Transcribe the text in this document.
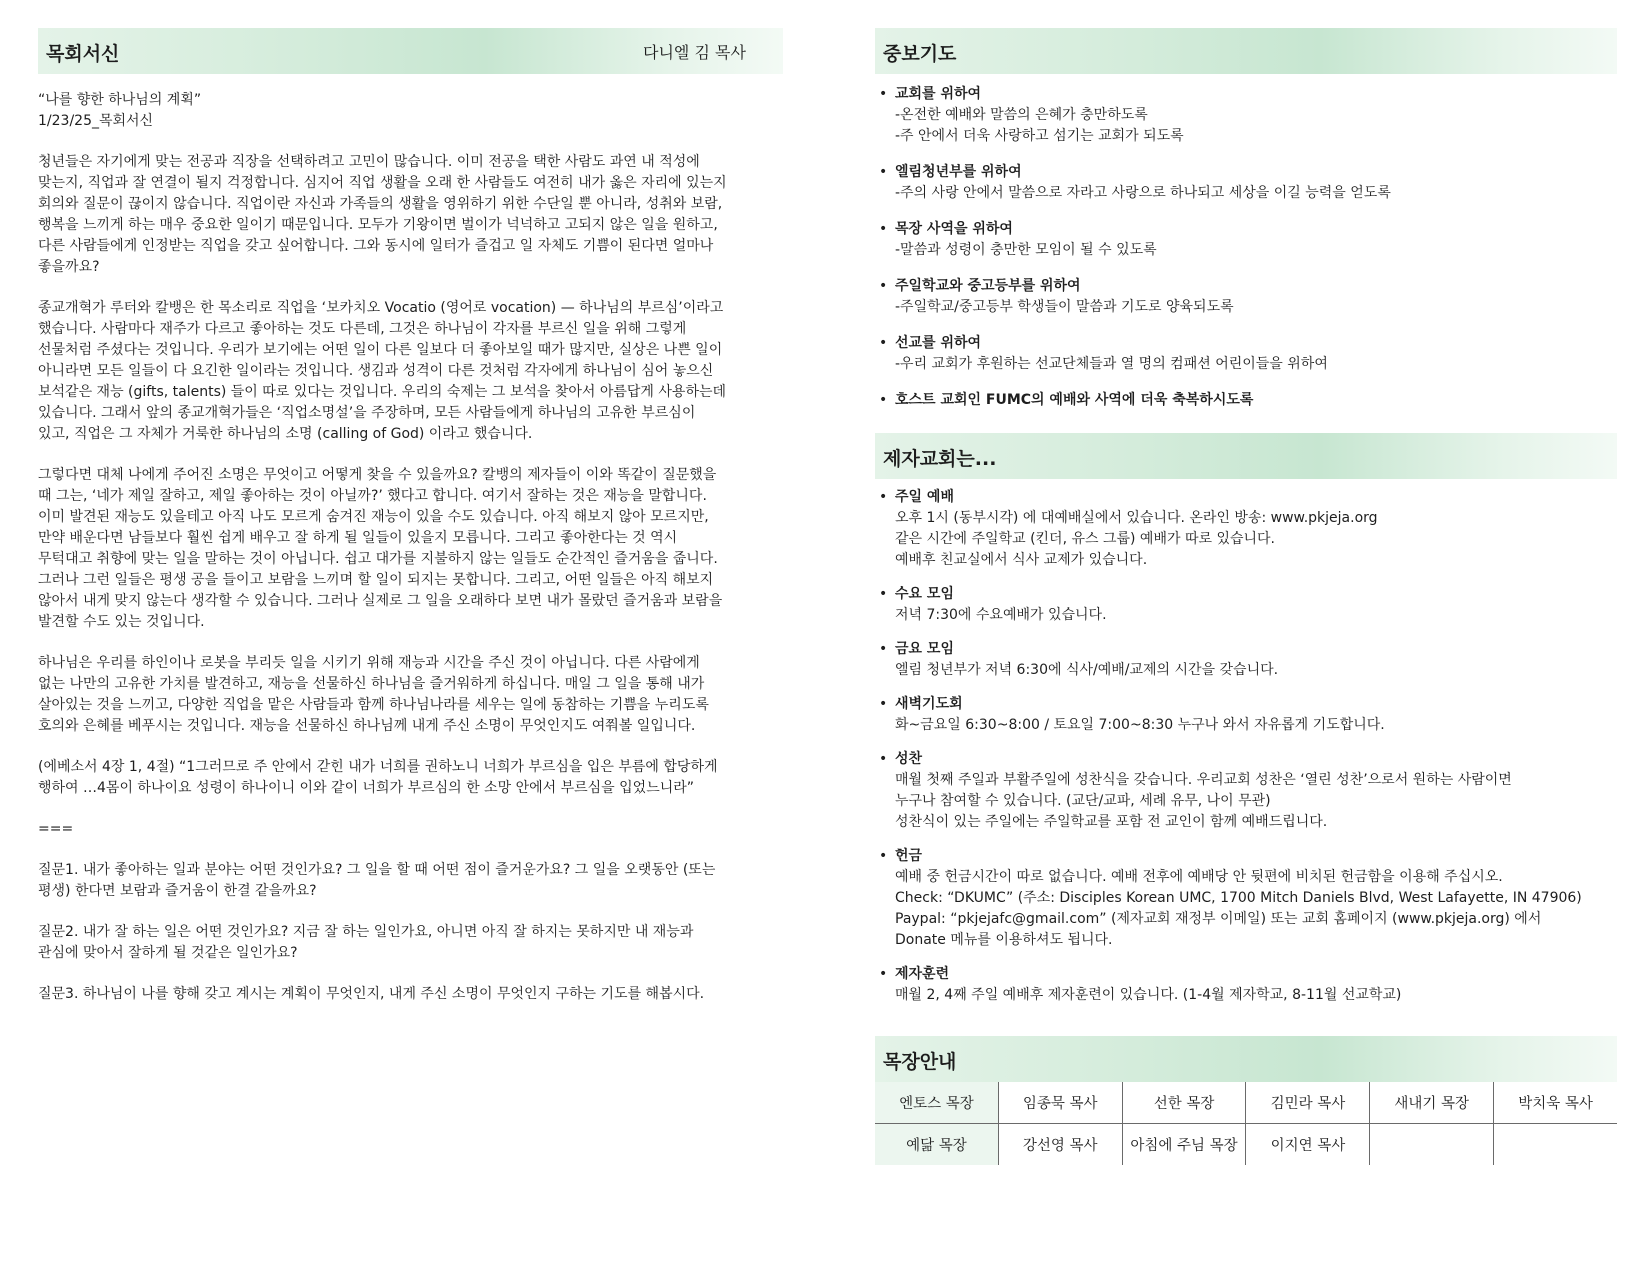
목회서신	다니엘 김 목사

“나를 향한 하나님의 계획”
1/23/25_목회서신

청년들은 자기에게 맞는 전공과 직장을 선택하려고 고민이 많습니다. 이미 전공을 택한 사람도 과연 내 적성에
맞는지, 직업과 잘 연결이 될지 걱정합니다. 심지어 직업 생활을 오래 한 사람들도 여전히 내가 옳은 자리에 있는지
회의와 질문이 끊이지 않습니다. 직업이란 자신과 가족들의 생활을 영위하기 위한 수단일 뿐 아니라, 성취와 보람,
행복을 느끼게 하는 매우 중요한 일이기 때문입니다. 모두가 기왕이면 벌이가 넉넉하고 고되지 않은 일을 원하고,
다른 사람들에게 인정받는 직업을 갖고 싶어합니다. 그와 동시에 일터가 즐겁고 일 자체도 기쁨이 된다면 얼마나
좋을까요?

종교개혁가 루터와 칼뱅은 한 목소리로 직업을 ‘보카치오 Vocatio (영어로 vocation) — 하나님의 부르심’이라고
했습니다. 사람마다 재주가 다르고 좋아하는 것도 다른데, 그것은 하나님이 각자를 부르신 일을 위해 그렇게
선물처럼 주셨다는 것입니다. 우리가 보기에는 어떤 일이 다른 일보다 더 좋아보일 때가 많지만, 실상은 나쁜 일이
아니라면 모든 일들이 다 요긴한 일이라는 것입니다. 생김과 성격이 다른 것처럼 각자에게 하나님이 심어 놓으신
보석같은 재능 (gifts, talents) 들이 따로 있다는 것입니다. 우리의 숙제는 그 보석을 찾아서 아름답게 사용하는데
있습니다. 그래서 앞의 종교개혁가들은 ‘직업소명설’을 주장하며, 모든 사람들에게 하나님의 고유한 부르심이
있고, 직업은 그 자체가 거룩한 하나님의 소명 (calling of God) 이라고 했습니다.

그렇다면 대체 나에게 주어진 소명은 무엇이고 어떻게 찾을 수 있을까요? 칼뱅의 제자들이 이와 똑같이 질문했을
때 그는, ‘네가 제일 잘하고, 제일 좋아하는 것이 아닐까?’ 했다고 합니다. 여기서 잘하는 것은 재능을 말합니다.
이미 발견된 재능도 있을테고 아직 나도 모르게 숨겨진 재능이 있을 수도 있습니다. 아직 해보지 않아 모르지만,
만약 배운다면 남들보다 훨씬 쉽게 배우고 잘 하게 될 일들이 있을지 모릅니다. 그리고 좋아한다는 것 역시
무턱대고 취향에 맞는 일을 말하는 것이 아닙니다. 쉽고 대가를 지불하지 않는 일들도 순간적인 즐거움을 줍니다.
그러나 그런 일들은 평생 공을 들이고 보람을 느끼며 할 일이 되지는 못합니다. 그리고, 어떤 일들은 아직 해보지
않아서 내게 맞지 않는다 생각할 수 있습니다. 그러나 실제로 그 일을 오래하다 보면 내가 몰랐던 즐거움과 보람을
발견할 수도 있는 것입니다.

하나님은 우리를 하인이나 로봇을 부리듯 일을 시키기 위해 재능과 시간을 주신 것이 아닙니다. 다른 사람에게
없는 나만의 고유한 가치를 발견하고, 재능을 선물하신 하나님을 즐거워하게 하십니다. 매일 그 일을 통해 내가
살아있는 것을 느끼고, 다양한 직업을 맡은 사람들과 함께 하나님나라를 세우는 일에 동참하는 기쁨을 누리도록
호의와 은혜를 베푸시는 것입니다. 재능을 선물하신 하나님께 내게 주신 소명이 무엇인지도 여쭤볼 일입니다.

(에베소서 4장 1, 4절) “1그러므로 주 안에서 갇힌 내가 너희를 권하노니 너희가 부르심을 입은 부름에 합당하게
행하여 …4몸이 하나이요 성령이 하나이니 이와 같이 너희가 부르심의 한 소망 안에서 부르심을 입었느니라”

===

질문1. 내가 좋아하는 일과 분야는 어떤 것인가요? 그 일을 할 때 어떤 점이 즐거운가요? 그 일을 오랫동안 (또는
평생) 한다면 보람과 즐거움이 한결 같을까요?

질문2. 내가 잘 하는 일은 어떤 것인가요? 지금 잘 하는 일인가요, 아니면 아직 잘 하지는 못하지만 내 재능과
관심에 맞아서 잘하게 될 것같은 일인가요?

질문3. 하나님이 나를 향해 갖고 계시는 계획이 무엇인지, 내게 주신 소명이 무엇인지 구하는 기도를 해봅시다.

중보기도
• 교회를 위하여
-온전한 예배와 말씀의 은혜가 충만하도록
-주 안에서 더욱 사랑하고 섬기는 교회가 되도록
• 엘림청년부를 위하여
-주의 사랑 안에서 말씀으로 자라고 사랑으로 하나되고 세상을 이길 능력을 얻도록
• 목장 사역을 위하여
-말씀과 성령이 충만한 모임이 될 수 있도록
• 주일학교와 중고등부를 위하여
-주일학교/중고등부 학생들이 말씀과 기도로 양육되도록
• 선교를 위하여
-우리 교회가 후원하는 선교단체들과 열 명의 컴패션 어린이들을 위하여
• 호스트 교회인 FUMC의 예배와 사역에 더욱 축복하시도록
제자교회는...
• 주일 예배
오후 1시 (동부시각) 에 대예배실에서 있습니다. 온라인 방송: www.pkjeja.org
같은 시간에 주일학교 (킨더, 유스 그룹) 예배가 따로 있습니다.
예배후 친교실에서 식사 교제가 있습니다.
• 수요 모임
저녁 7:30에 수요예배가 있습니다.
• 금요 모임
엘림 청년부가 저녁 6:30에 식사/예배/교제의 시간을 갖습니다.
• 새벽기도회
화~금요일 6:30~8:00 / 토요일 7:00~8:30 누구나 와서 자유롭게 기도합니다.
• 성찬
매월 첫째 주일과 부활주일에 성찬식을 갖습니다. 우리교회 성찬은 ‘열린 성찬’으로서 원하는 사람이면
누구나 참여할 수 있습니다. (교단/교파, 세례 유무, 나이 무관)
성찬식이 있는 주일에는 주일학교를 포함 전 교인이 함께 예배드립니다.
• 헌금
예배 중 헌금시간이 따로 없습니다. 예배 전후에 예배당 안 뒷편에 비치된 헌금함을 이용해 주십시오.
Check: “DKUMC” (주소: Disciples Korean UMC, 1700 Mitch Daniels Blvd, West Lafayette, IN 47906)
Paypal: “pkjejafc@gmail.com” (제자교회 재정부 이메일) 또는 교회 홈페이지 (www.pkjeja.org) 에서
Donate 메뉴를 이용하셔도 됩니다.
• 제자훈련
매월 2, 4째 주일 예배후 제자훈련이 있습니다. (1-4월 제자학교, 8-11월 선교학교)
목장안내
엔토스 목장	임종묵 목사	선한 목장	김민라 목사	새내기 목장	박치욱 목사
예닮 목장	강선영 목사	아침에 주님 목장	이지연 목사		
